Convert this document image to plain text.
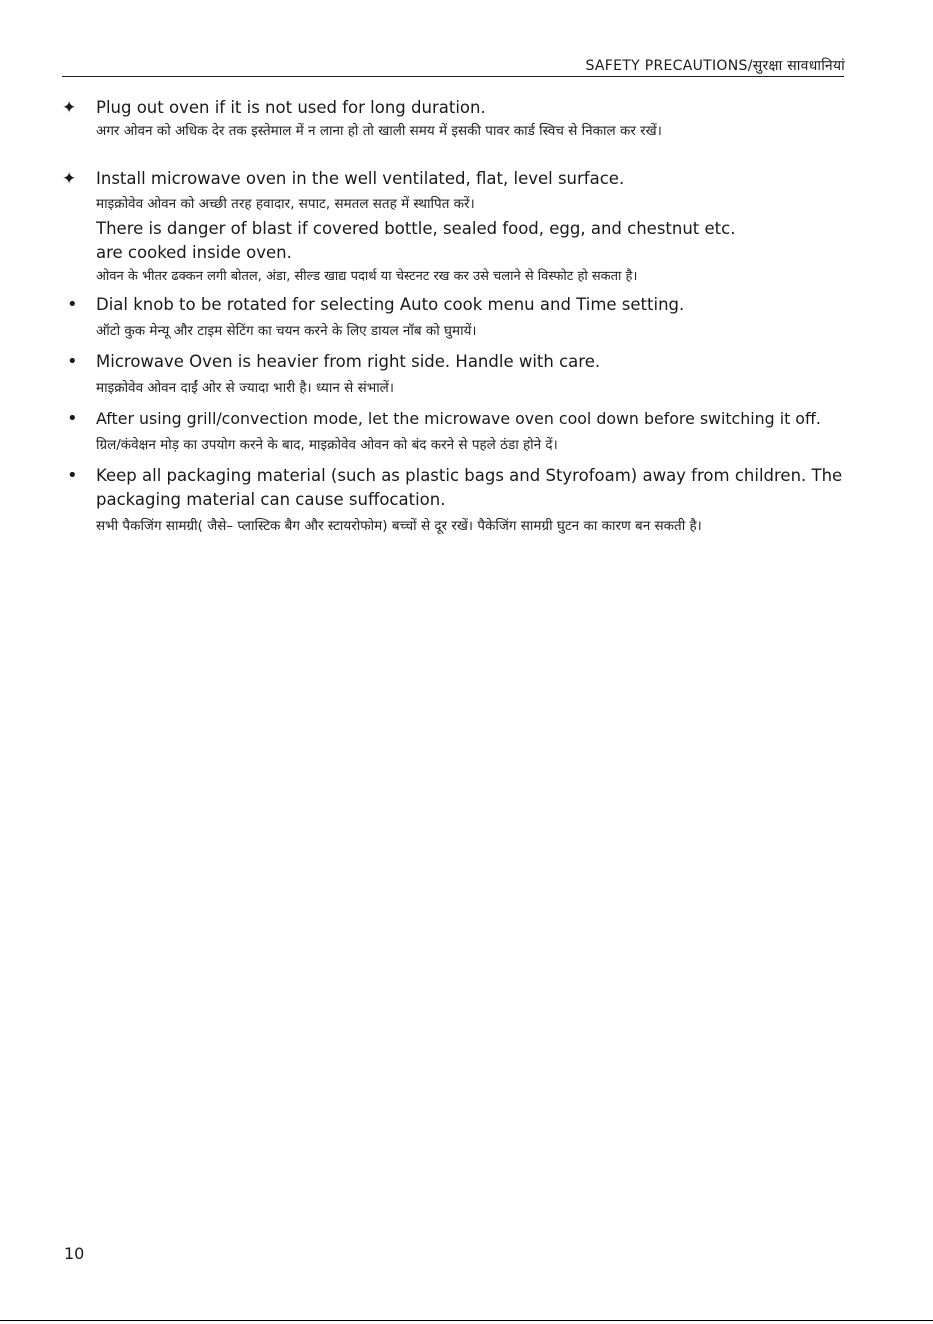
SAFETY PRECAUTIONS/सुरक्षा सावधानियां
✦ Plug out oven if it is not used for long duration.
अगर ओवन को अधिक देर तक इस्तेमाल में न लाना हो तो खाली समय में इसकी पावर कार्ड स्विच से निकाल कर रखें।
✦ Install microwave oven in the well ventilated, flat, level surface.
माइक्रोवेव ओवन को अच्छी तरह हवादार, सपाट, समतल सतह में स्थापित करें।
There is danger of blast if covered bottle, sealed food, egg, and chestnut etc. are cooked inside oven.
ओवन के भीतर ढक्कन लगी बोतल, अंडा, सील्ड खाद्य पदार्थ या चेस्टनट रख कर उसे चलाने से विस्फोट हो सकता है।
• Dial knob to be rotated for selecting Auto cook menu and Time setting.
ऑटो कुक मेन्यू और टाइम सेटिंग का चयन करने के लिए डायल नॉब को घुमायें।
• Microwave Oven is heavier from right side. Handle with care.
माइक्रोवेव ओवन दाईं ओर से ज्यादा भारी है। ध्यान से संभालें।
• After using grill/convection mode, let the microwave oven cool down before switching it off.
ग्रिल/कंवेक्षन मोड़ का उपयोग करने के बाद, माइक्रोवेव ओवन को बंद करने से पहले ठंडा होने दें।
• Keep all packaging material (such as plastic bags and Styrofoam) away from children. The packaging material can cause suffocation.
सभी पैकजिंग सामग्री( जैसे– प्लास्टिक बैग और स्टायरोफोम) बच्चों से दूर रखें। पैकेजिंग सामग्री घुटन का कारण बन सकती है।
10
